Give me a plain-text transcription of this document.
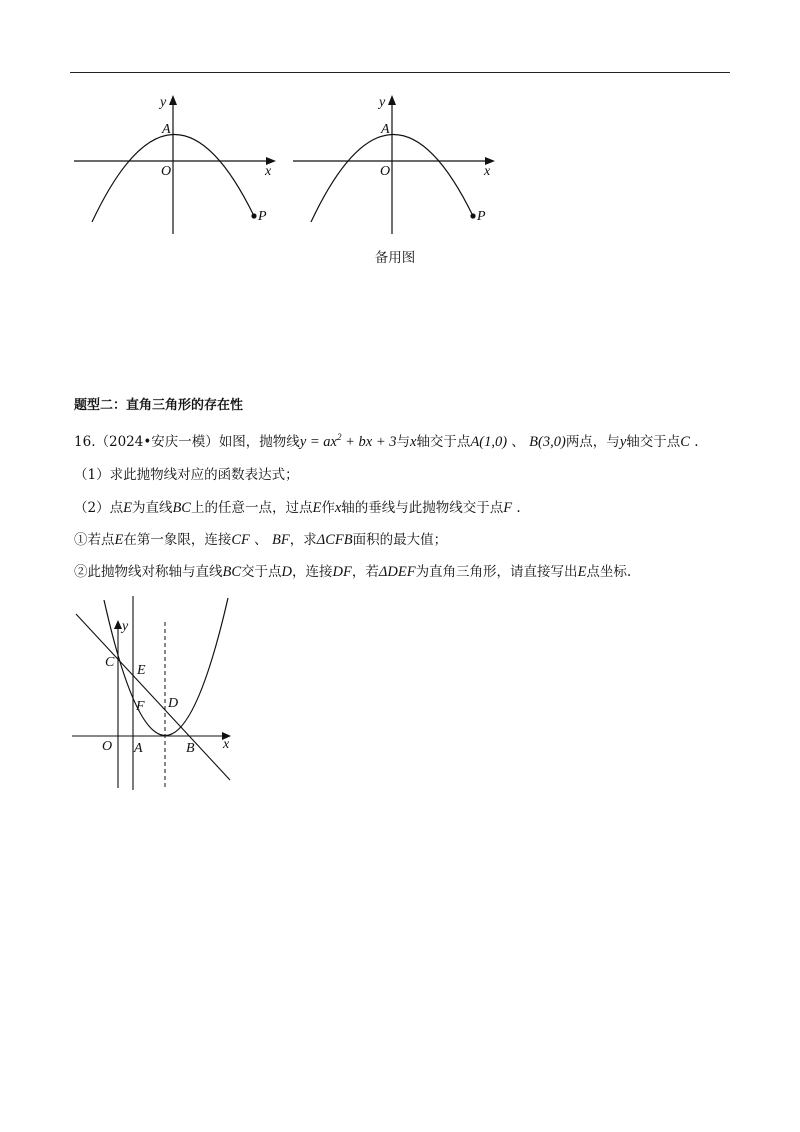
y
A
O	x
P
y
A
O	x
P
备用图
题型二：直角三角形的存在性
16.（2024•安庆一模）如图，抛物线$y = ax^2$ + bx + 3与x轴交于点A(1,0) 、 B(3,0)两点，与y轴交于点C .
（1）求此抛物线对应的函数表达式；
（2）点E为直线BC上的任意一点，过点E作x轴的垂线与此抛物线交于点F .
①若点E在第一象限，连接CF 、 BF，求ΔCFB面积的最大值；
②此抛物线对称轴与直线BC交于点D，连接DF，若ΔDEF为直角三角形，请直接写出E点坐标.
y
C
E
D
F
O A	B x
